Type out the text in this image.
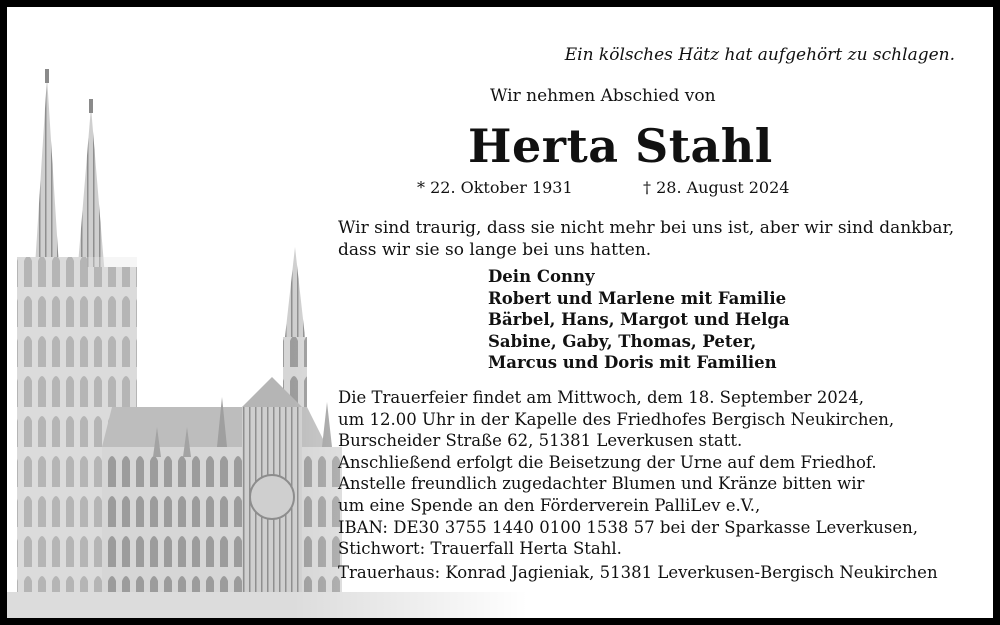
Ein kölsches Hätz hat aufgehört zu schlagen.
Wir nehmen Abschied von
Herta Stahl
* 22. Oktober 1931	† 28. August 2024
Wir sind traurig, dass sie nicht mehr bei uns ist, aber wir sind dankbar,
dass wir sie so lange bei uns hatten.
Dein Conny
Robert und Marlene mit Familie
Bärbel, Hans, Margot und Helga
Sabine, Gaby, Thomas, Peter,
Marcus und Doris mit Familien
Die Trauerfeier findet am Mittwoch, dem 18. September 2024,
um 12.00 Uhr in der Kapelle des Friedhofes Bergisch Neukirchen,
Burscheider Straße 62, 51381 Leverkusen statt.
Anschließend erfolgt die Beisetzung der Urne auf dem Friedhof.
Anstelle freundlich zugedachter Blumen und Kränze bitten wir
um eine Spende an den Förderverein PalliLev e.V.,
IBAN: DE30 3755 1440 0100 1538 57 bei der Sparkasse Leverkusen,
Stichwort: Trauerfall Herta Stahl.
Trauerhaus: Konrad Jagieniak, 51381 Leverkusen-Bergisch Neukirchen
